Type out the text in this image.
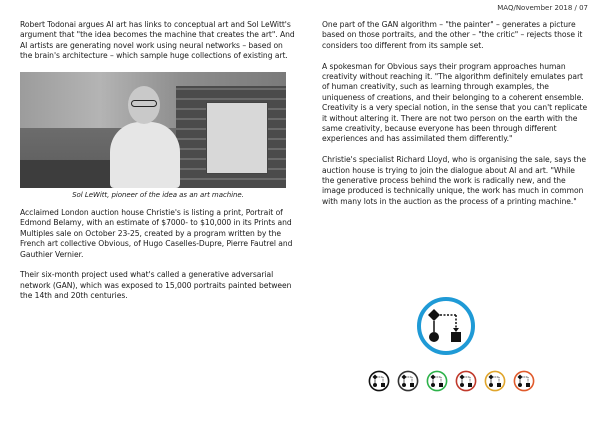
MAQ/November 2018 / 07

Robert Todonai argues AI art has links to conceptual art and Sol LeWitt's argument that "the idea becomes the machine that creates the art". And AI artists are generating novel work using neural networks – based on the brain's architecture – which sample huge collections of existing art.

Sol LeWitt, pioneer of the idea as an art machine.

Acclaimed London auction house Christie's is listing a print, Portrait of Edmond Belamy, with an estimate of $7000- to $10,000 in its Prints and Multiples sale on October 23-25, created by a program written by the French art collective Obvious, of Hugo Caselles-Dupre, Pierre Fautrel and Gauthier Vernier.

Their six-month project used what's called a generative adversarial network (GAN), which was exposed to 15,000 portraits painted between the 14th and 20th centuries.

One part of the GAN algorithm – "the painter" – generates a picture based on those portraits, and the other – "the critic" – rejects those it considers too different from its sample set.

A spokesman for Obvious says their program approaches human creativity without reaching it. "The algorithm definitely emulates part of human creativity, such as learning through examples, the uniqueness of creations, and their belonging to a coherent ensemble. Creativity is a very special notion, in the sense that you can't replicate it without altering it. There are not two person on the earth with the same creativity, because everyone has been through different experiences and has assimilated them differently."

Christie's specialist Richard Lloyd, who is organising the sale, says the auction house is trying to join the dialogue about AI and art. "While the generative process behind the work is radically new, and the image produced is technically unique, the work has much in common with many lots in the auction as the process of a printing machine."
